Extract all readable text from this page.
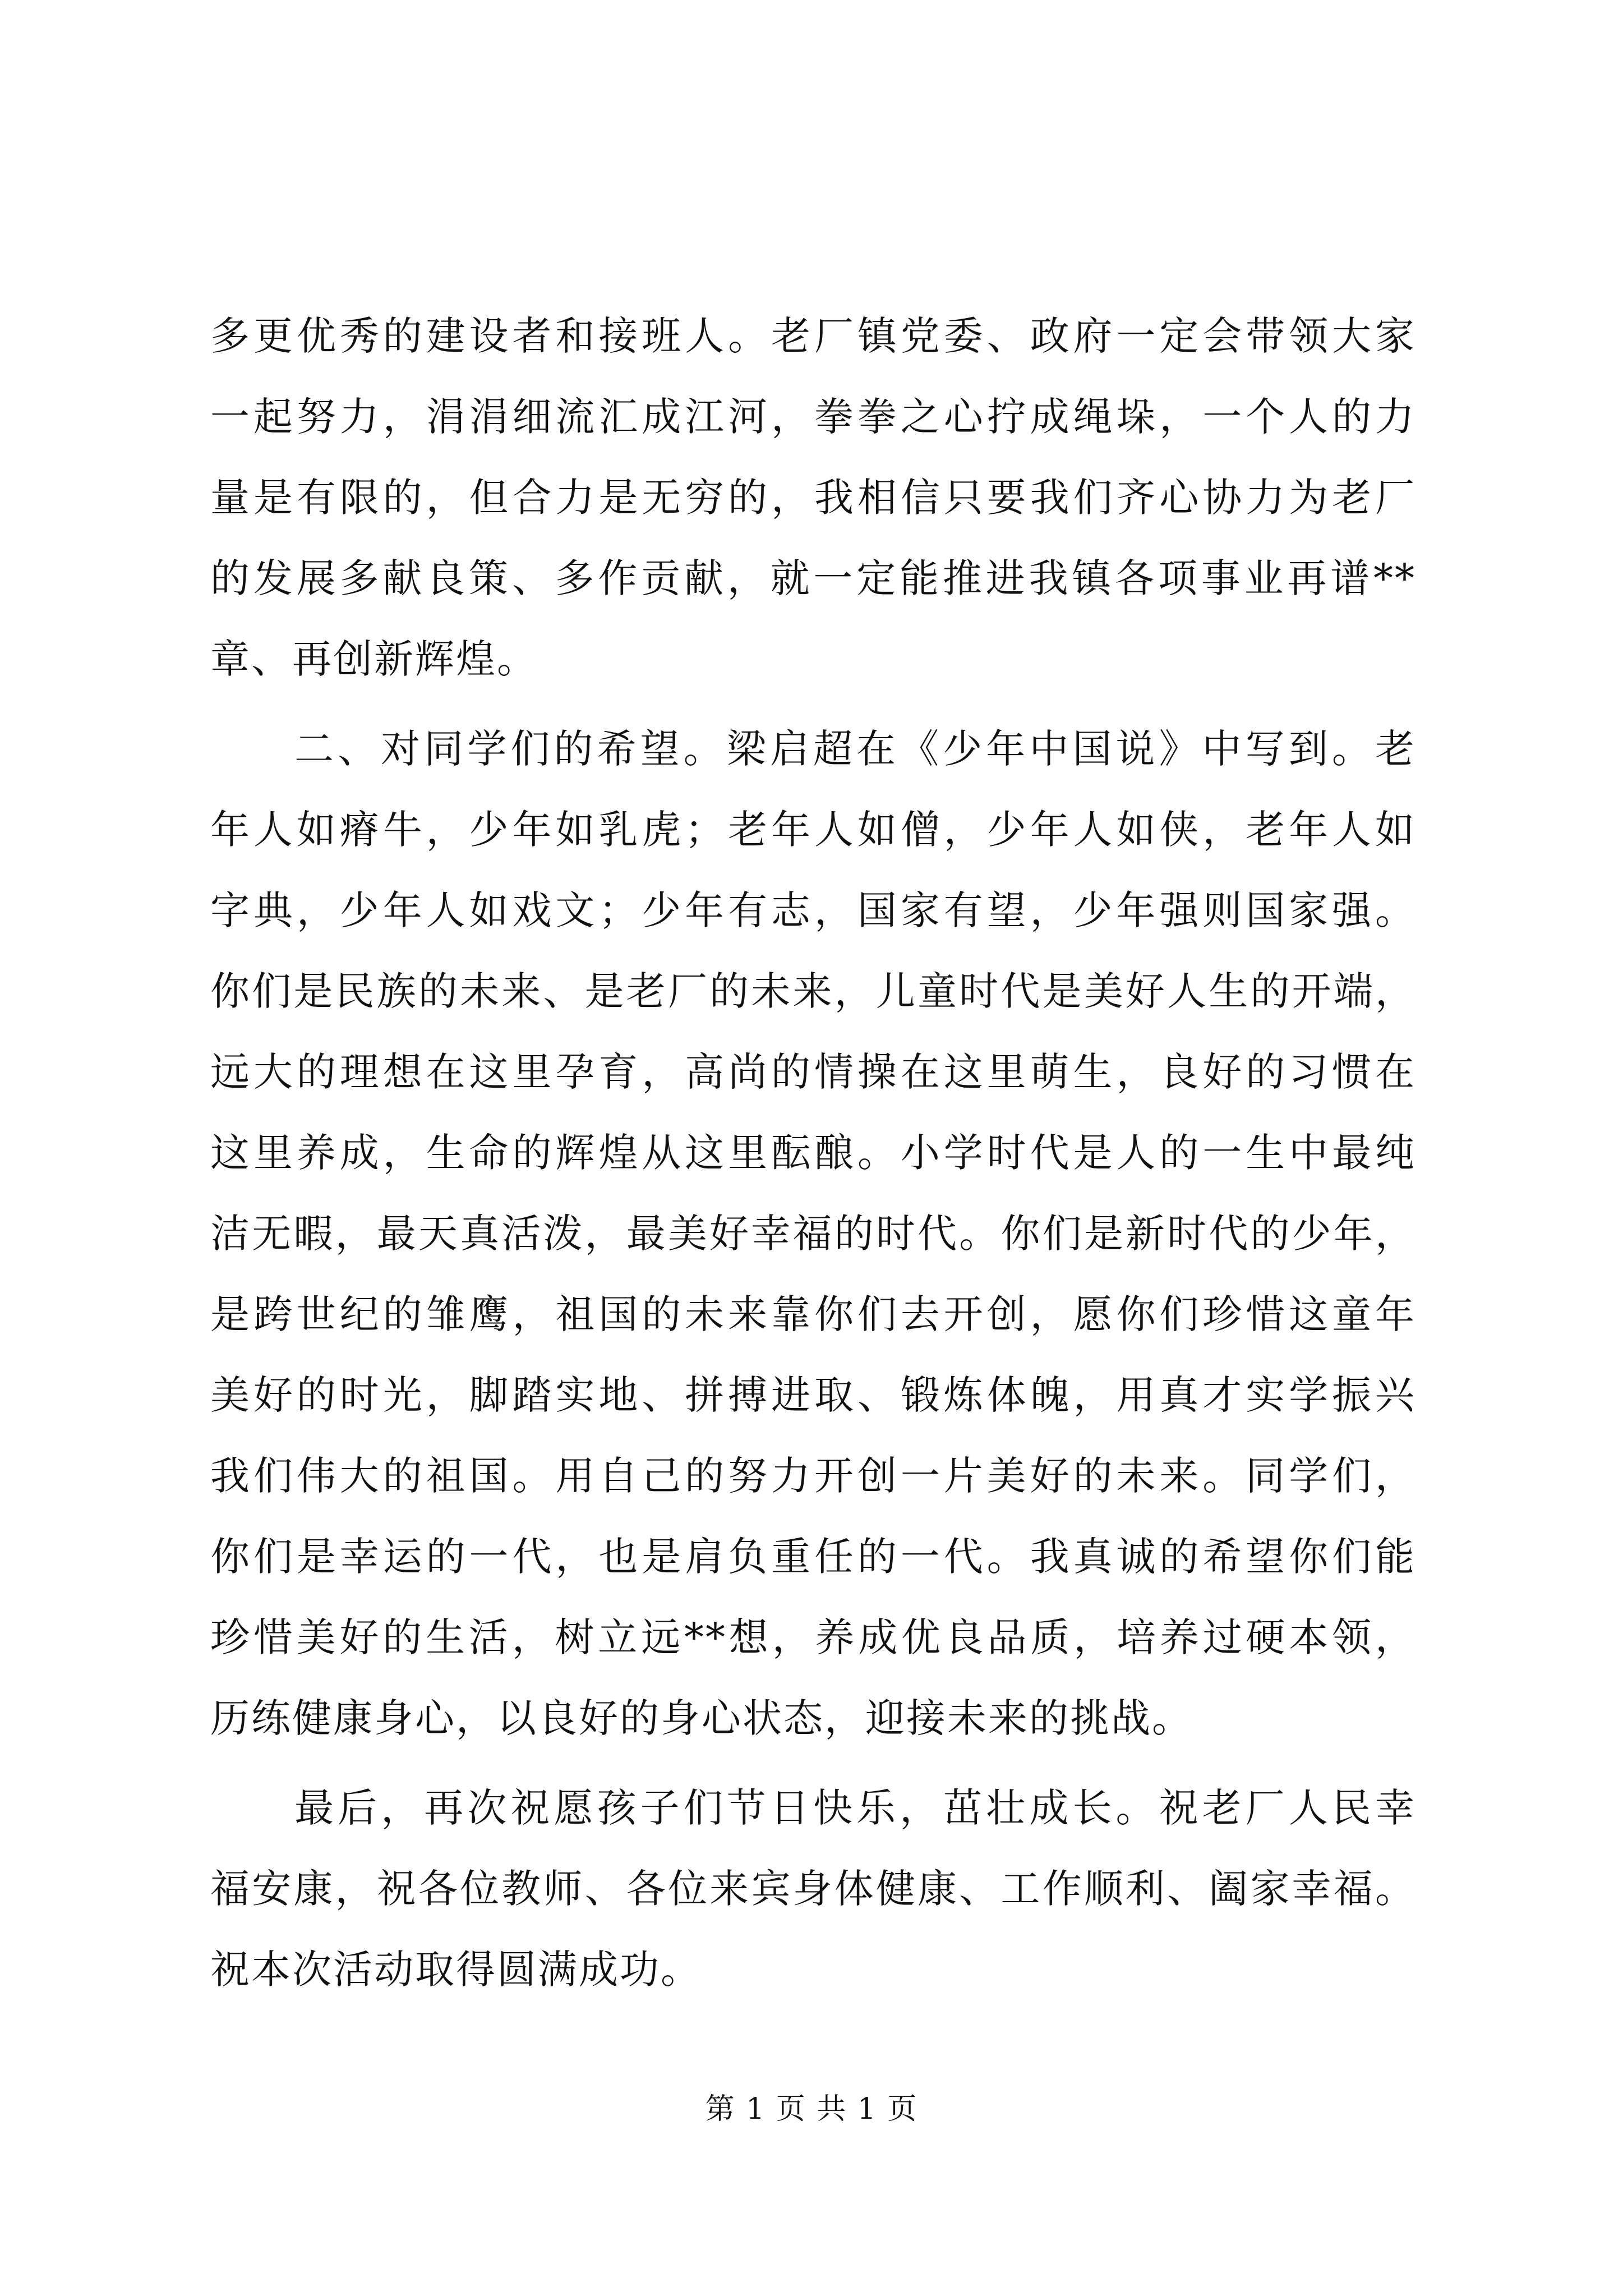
多更优秀的建设者和接班人。老厂镇党委、政府一定会带领大家
一起努力，涓涓细流汇成江河，拳拳之心拧成绳垛，一个人的力
量是有限的，但合力是无穷的，我相信只要我们齐心协力为老厂
的发展多献良策、多作贡献，就一定能推进我镇各项事业再谱**
章、再创新辉煌。
二、对同学们的希望。梁启超在《少年中国说》中写到。老
年人如瘠牛，少年如乳虎；老年人如僧，少年人如侠，老年人如
字典，少年人如戏文；少年有志，国家有望，少年强则国家强。
你们是民族的未来、是老厂的未来，儿童时代是美好人生的开端，
远大的理想在这里孕育，高尚的情操在这里萌生，良好的习惯在
这里养成，生命的辉煌从这里酝酿。小学时代是人的一生中最纯
洁无暇，最天真活泼，最美好幸福的时代。你们是新时代的少年，
是跨世纪的雏鹰，祖国的未来靠你们去开创，愿你们珍惜这童年
美好的时光，脚踏实地、拼搏进取、锻炼体魄，用真才实学振兴
我们伟大的祖国。用自己的努力开创一片美好的未来。同学们，
你们是幸运的一代，也是肩负重任的一代。我真诚的希望你们能
珍惜美好的生活，树立远**想，养成优良品质，培养过硬本领，
历练健康身心，以良好的身心状态，迎接未来的挑战。
最后，再次祝愿孩子们节日快乐，茁壮成长。祝老厂人民幸
福安康，祝各位教师、各位来宾身体健康、工作顺利、阖家幸福。
祝本次活动取得圆满成功。
第 1 页 共 1 页
